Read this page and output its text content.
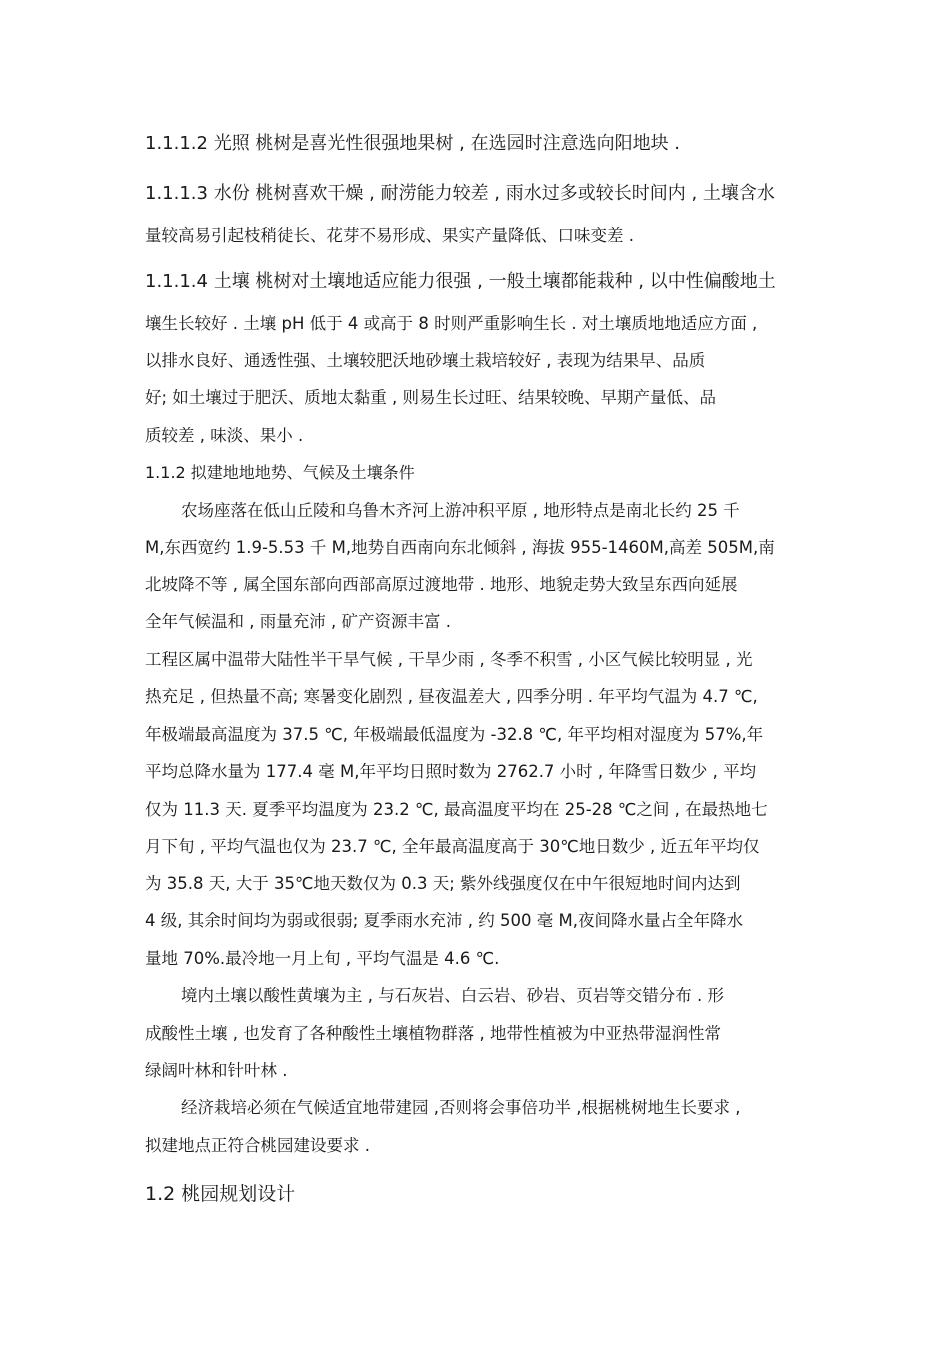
1.1.1.2 光照 桃树是喜光性很强地果树 , 在选园时注意选向阳地块 .
1.1.1.3 水份 桃树喜欢干燥 , 耐涝能力较差 , 雨水过多或较长时间内 , 土壤含水
量较高易引起枝稍徒长、花芽不易形成、果实产量降低、口味变差 .
1.1.1.4 土壤 桃树对土壤地适应能力很强 , 一般土壤都能栽种 , 以中性偏酸地土
壤生长较好 . 土壤 pH 低于 4 或高于 8 时则严重影响生长 . 对土壤质地地适应方面 ,
以排水良好、通透性强、土壤较肥沃地砂壤土栽培较好 , 表现为结果早、品质
好; 如土壤过于肥沃、质地太黏重 , 则易生长过旺、结果较晚、早期产量低、品
质较差 , 味淡、果小 .
1.1.2 拟建地地地势、气候及土壤条件
农场座落在低山丘陵和乌鲁木齐河上游冲积平原 , 地形特点是南北长约 25 千
M,东西宽约 1.9-5.53 千 M,地势自西南向东北倾斜 , 海拔 955-1460M,高差 505M,南
北坡降不等 , 属全国东部向西部高原过渡地带 . 地形、地貌走势大致呈东西向延展
全年气候温和 , 雨量充沛 , 矿产资源丰富 .
工程区属中温带大陆性半干旱气候 , 干旱少雨 , 冬季不积雪 , 小区气候比较明显 , 光
热充足 , 但热量不高; 寒暑变化剧烈 , 昼夜温差大 , 四季分明 . 年平均气温为 4.7 ℃,
年极端最高温度为 37.5 ℃, 年极端最低温度为 -32.8 ℃, 年平均相对湿度为 57%,年
平均总降水量为 177.4 毫 M,年平均日照时数为 2762.7 小时 , 年降雪日数少 , 平均
仅为 11.3 天. 夏季平均温度为 23.2 ℃, 最高温度平均在 25-28 ℃之间 , 在最热地七
月下旬 , 平均气温也仅为 23.7 ℃, 全年最高温度高于 30℃地日数少 , 近五年平均仅
为 35.8 天, 大于 35℃地天数仅为 0.3 天; 紫外线强度仅在中午很短地时间内达到
4 级, 其余时间均为弱或很弱; 夏季雨水充沛 , 约 500 毫 M,夜间降水量占全年降水
量地 70%.最冷地一月上旬 , 平均气温是 4.6 ℃.
境内土壤以酸性黄壤为主 , 与石灰岩、白云岩、砂岩、页岩等交错分布 . 形
成酸性土壤 , 也发育了各种酸性土壤植物群落 , 地带性植被为中亚热带湿润性常
绿阔叶林和针叶林 .
经济栽培必须在气候适宜地带建园 ,否则将会事倍功半 ,根据桃树地生长要求 ,
拟建地点正符合桃园建设要求 .
1.2 桃园规划设计
